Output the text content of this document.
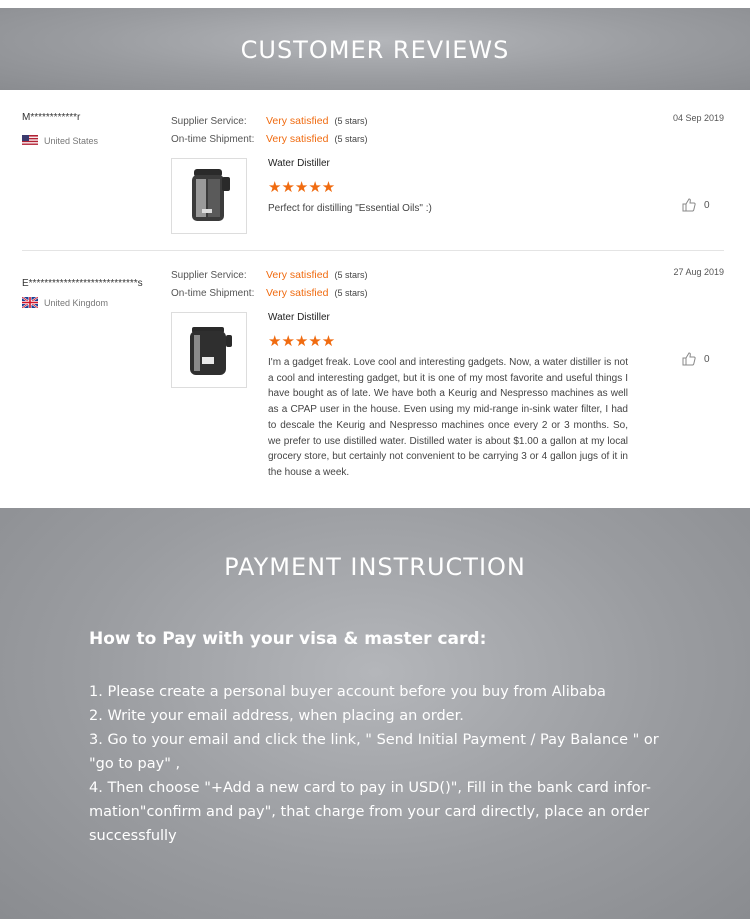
CUSTOMER REVIEWS
M************r
United States
Supplier Service: Very satisfied (5 stars)
On-time Shipment: Very satisfied (5 stars)
04 Sep 2019
Water Distiller
★★★★★
Perfect for distilling "Essential Oils" :)	0
E****************************s
United Kingdom
Supplier Service: Very satisfied (5 stars)
On-time Shipment: Very satisfied (5 stars)
27 Aug 2019
Water Distiller
★★★★★
I'm a gadget freak. Love cool and interesting gadgets. Now, a water distiller is not a cool and interesting gadget, but it is one of my most favorite and useful things I have bought as of late. We have both a Keurig and Nespresso machines as well as a CPAP user in the house. Even using my mid-range in-sink water filter, I had to descale the Keurig and Nespresso machines once every 2 or 3 months. So, we prefer to use distilled water. Distilled water is about $1.00 a gallon at my local grocery store, but certainly not convenient to be carrying 3 or 4 gallon jugs of it in the house a week.
0
PAYMENT INSTRUCTION
How to Pay with your visa & master card:
1. Please create a personal buyer account before you buy from Alibaba
2. Write your email address, when placing an order.
3. Go to your email and click the link, " Send Initial Payment / Pay Balance " or "go to pay" ,
4. Then choose "+Add a new card to pay in USD()", Fill in the bank card infor-mation"confirm and pay", that charge from your card directly, place an order successfully
